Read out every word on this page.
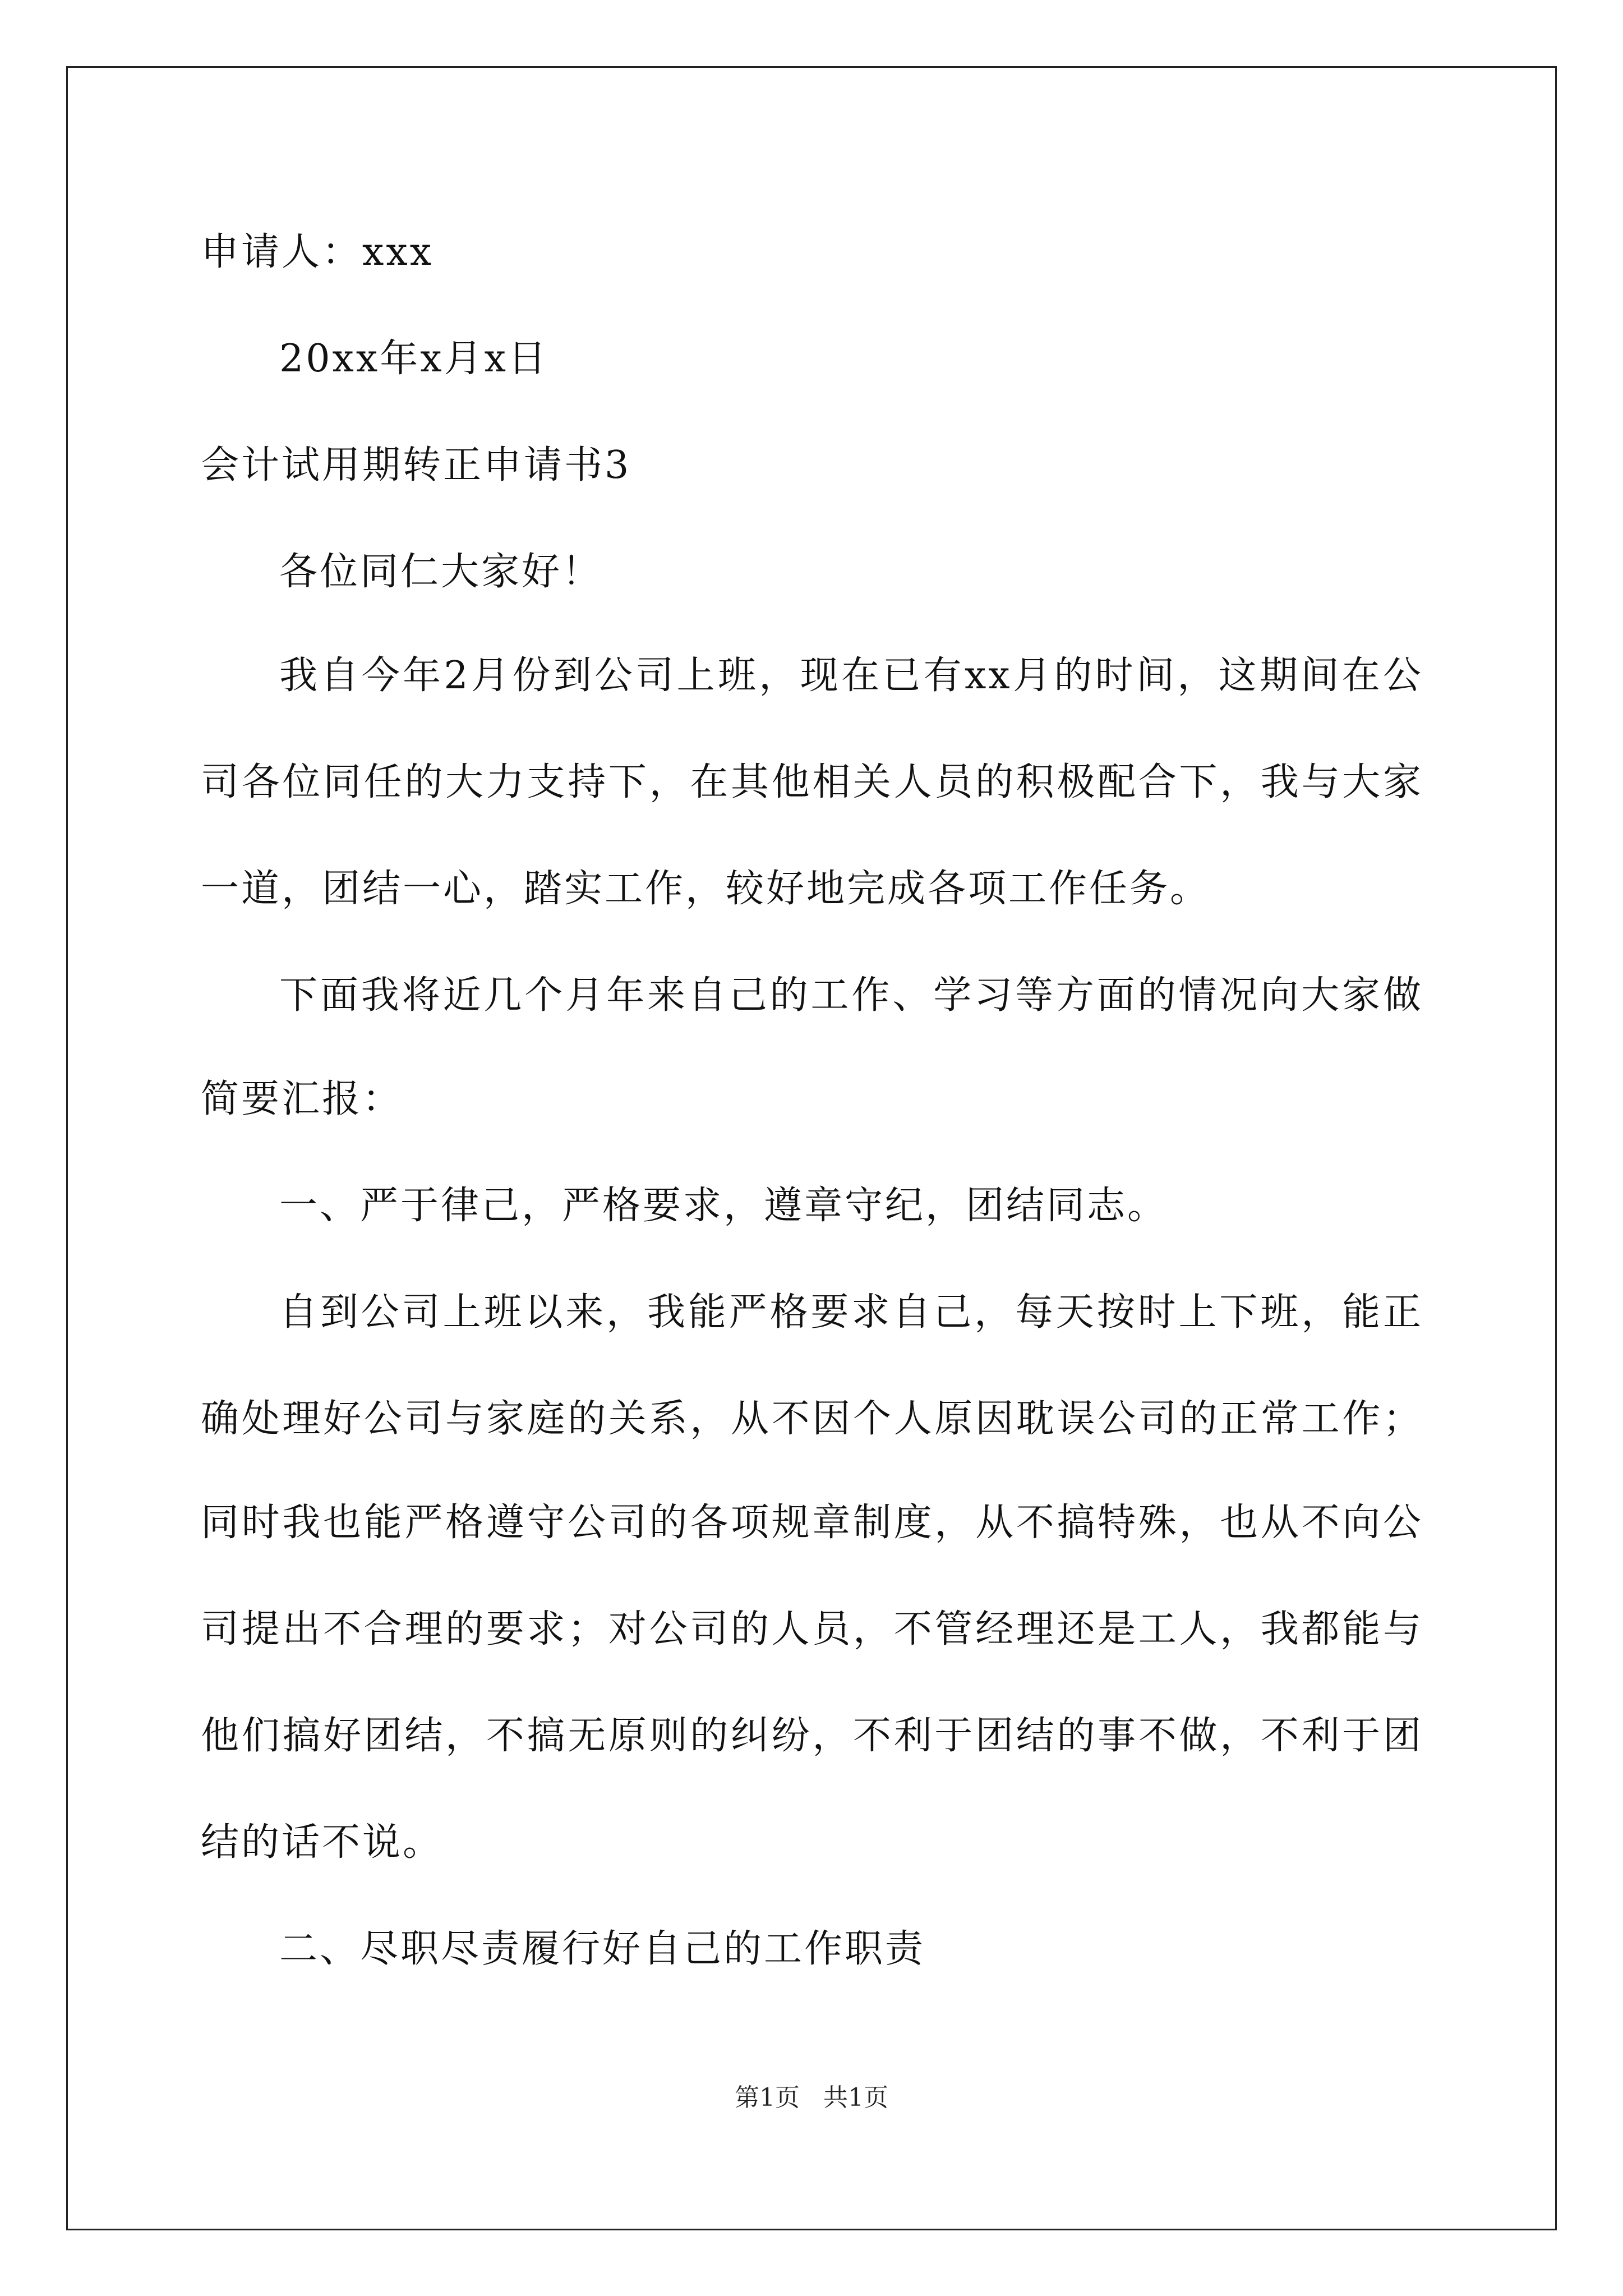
申请人：xxx
20xx年x月x日
会计试用期转正申请书3
各位同仁大家好！
我自今年2月份到公司上班，现在已有xx月的时间，这期间在公
司各位同任的大力支持下，在其他相关人员的积极配合下，我与大家
一道，团结一心，踏实工作，较好地完成各项工作任务。
下面我将近几个月年来自己的工作、学习等方面的情况向大家做
简要汇报：
一、严于律己，严格要求，遵章守纪，团结同志。
自到公司上班以来，我能严格要求自己，每天按时上下班，能正
确处理好公司与家庭的关系，从不因个人原因耽误公司的正常工作；
同时我也能严格遵守公司的各项规章制度，从不搞特殊，也从不向公
司提出不合理的要求；对公司的人员，不管经理还是工人，我都能与
他们搞好团结，不搞无原则的纠纷，不利于团结的事不做，不利于团
结的话不说。
二、尽职尽责履行好自己的工作职责
第1页   共1页
